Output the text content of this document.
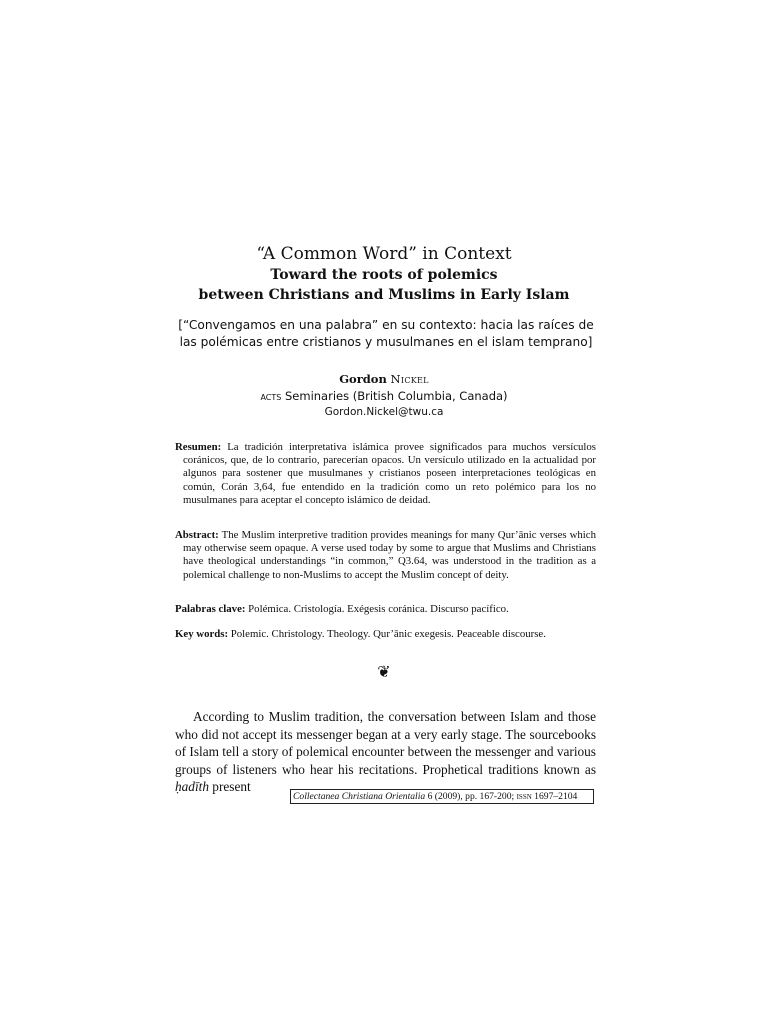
“A Common Word” in Context
Toward the roots of polemics
between Christians and Muslims in Early Islam
[“Convengamos en una palabra” en su contexto: hacia las raíces de las polémicas entre cristianos y musulmanes en el islam temprano]
Gordon Nickel
acts Seminaries (British Columbia, Canada)
Gordon.Nickel@twu.ca
Resumen: La tradición interpretativa islámica provee significados para muchos versículos coránicos, que, de lo contrario, parecerían opacos. Un versículo utilizado en la actualidad por algunos para sostener que musulmanes y cristianos poseen interpretaciones teológicas en común, Corán 3,64, fue entendido en la tradición como un reto polémico para los no musulmanes para aceptar el concepto islámico de deidad.
Abstract: The Muslim interpretive tradition provides meanings for many Qur’ānic verses which may otherwise seem opaque. A verse used today by some to argue that Muslims and Christians have theological understandings “in common,” Q3.64, was understood in the tradition as a polemical challenge to non-Muslims to accept the Muslim concept of deity.
Palabras clave: Polémica. Cristología. Exégesis coránica. Discurso pacífico.
Key words: Polemic. Christology. Theology. Qur’ānic exegesis. Peaceable discourse.
❦
According to Muslim tradition, the conversation between Islam and those who did not accept its messenger began at a very early stage. The sourcebooks of Islam tell a story of polemical encounter between the messenger and various groups of listeners who hear his recitations. Prophetical traditions known as ḥadīth present
Collectanea Christiana Orientalia 6 (2009), pp. 167-200; issn 1697–2104
